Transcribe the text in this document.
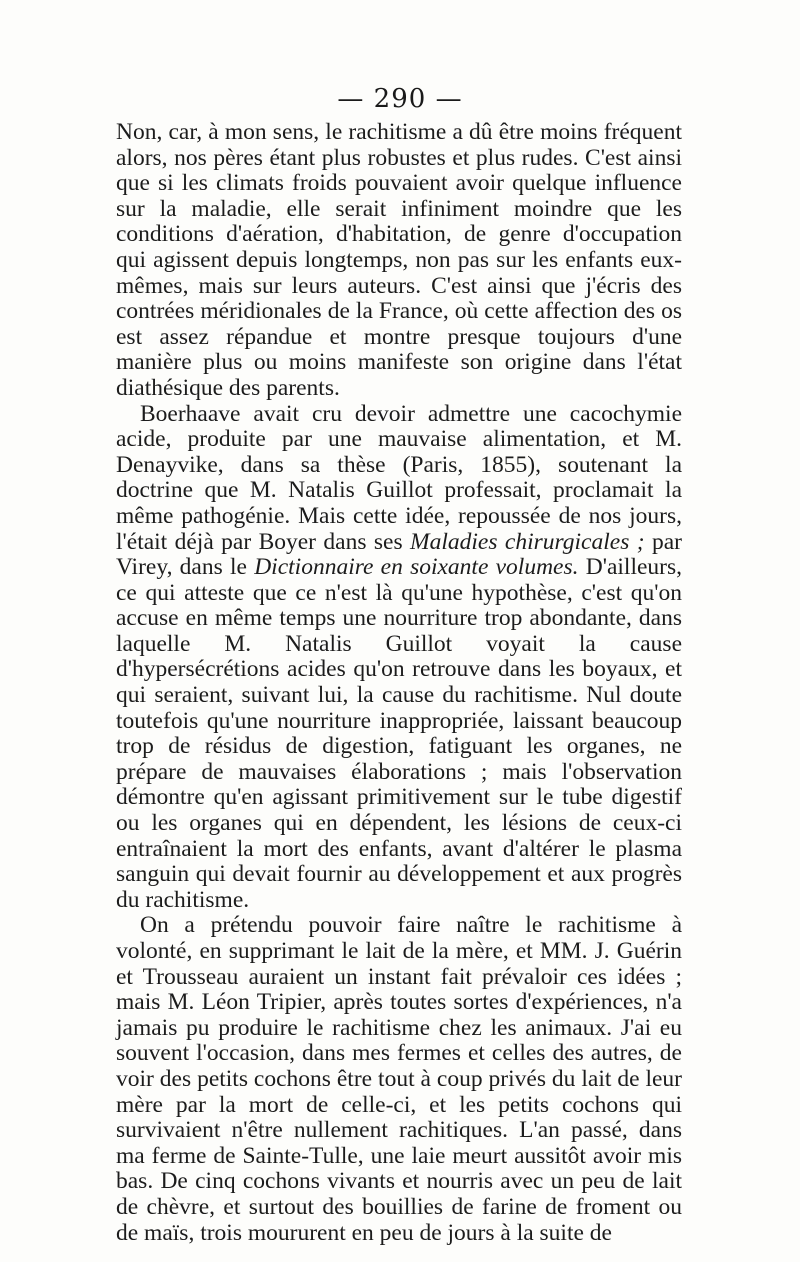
— 290 —

Non, car, à mon sens, le rachitisme a dû être moins fréquent alors, nos pères étant plus robustes et plus rudes. C'est ainsi que si les climats froids pouvaient avoir quelque influence sur la maladie, elle serait infiniment moindre que les conditions d'aération, d'habitation, de genre d'occupation qui agissent depuis longtemps, non pas sur les enfants eux-mêmes, mais sur leurs auteurs. C'est ainsi que j'écris des contrées méridionales de la France, où cette affection des os est assez répandue et montre presque toujours d'une manière plus ou moins manifeste son origine dans l'état diathésique des parents.

Boerhaave avait cru devoir admettre une cacochymie acide, produite par une mauvaise alimentation, et M. Denayvike, dans sa thèse (Paris, 1855), soutenant la doctrine que M. Natalis Guillot professait, proclamait la même pathogénie. Mais cette idée, repoussée de nos jours, l'était déjà par Boyer dans ses Maladies chirurgicales ; par Virey, dans le Dictionnaire en soixante volumes. D'ailleurs, ce qui atteste que ce n'est là qu'une hypothèse, c'est qu'on accuse en même temps une nourriture trop abondante, dans laquelle M. Natalis Guillot voyait la cause d'hypersécrétions acides qu'on retrouve dans les boyaux, et qui seraient, suivant lui, la cause du rachitisme. Nul doute toutefois qu'une nourriture inappropriée, laissant beaucoup trop de résidus de digestion, fatiguant les organes, ne prépare de mauvaises élaborations ; mais l'observation démontre qu'en agissant primitivement sur le tube digestif ou les organes qui en dépendent, les lésions de ceux-ci entraînaient la mort des enfants, avant d'altérer le plasma sanguin qui devait fournir au développement et aux progrès du rachitisme.

On a prétendu pouvoir faire naître le rachitisme à volonté, en supprimant le lait de la mère, et MM. J. Guérin et Trousseau auraient un instant fait prévaloir ces idées ; mais M. Léon Tripier, après toutes sortes d'expériences, n'a jamais pu produire le rachitisme chez les animaux. J'ai eu souvent l'occasion, dans mes fermes et celles des autres, de voir des petits cochons être tout à coup privés du lait de leur mère par la mort de celle-ci, et les petits cochons qui survivaient n'être nullement rachitiques. L'an passé, dans ma ferme de Sainte-Tulle, une laie meurt aussitôt avoir mis bas. De cinq cochons vivants et nourris avec un peu de lait de chèvre, et surtout des bouillies de farine de froment ou de maïs, trois moururent en peu de jours à la suite de
